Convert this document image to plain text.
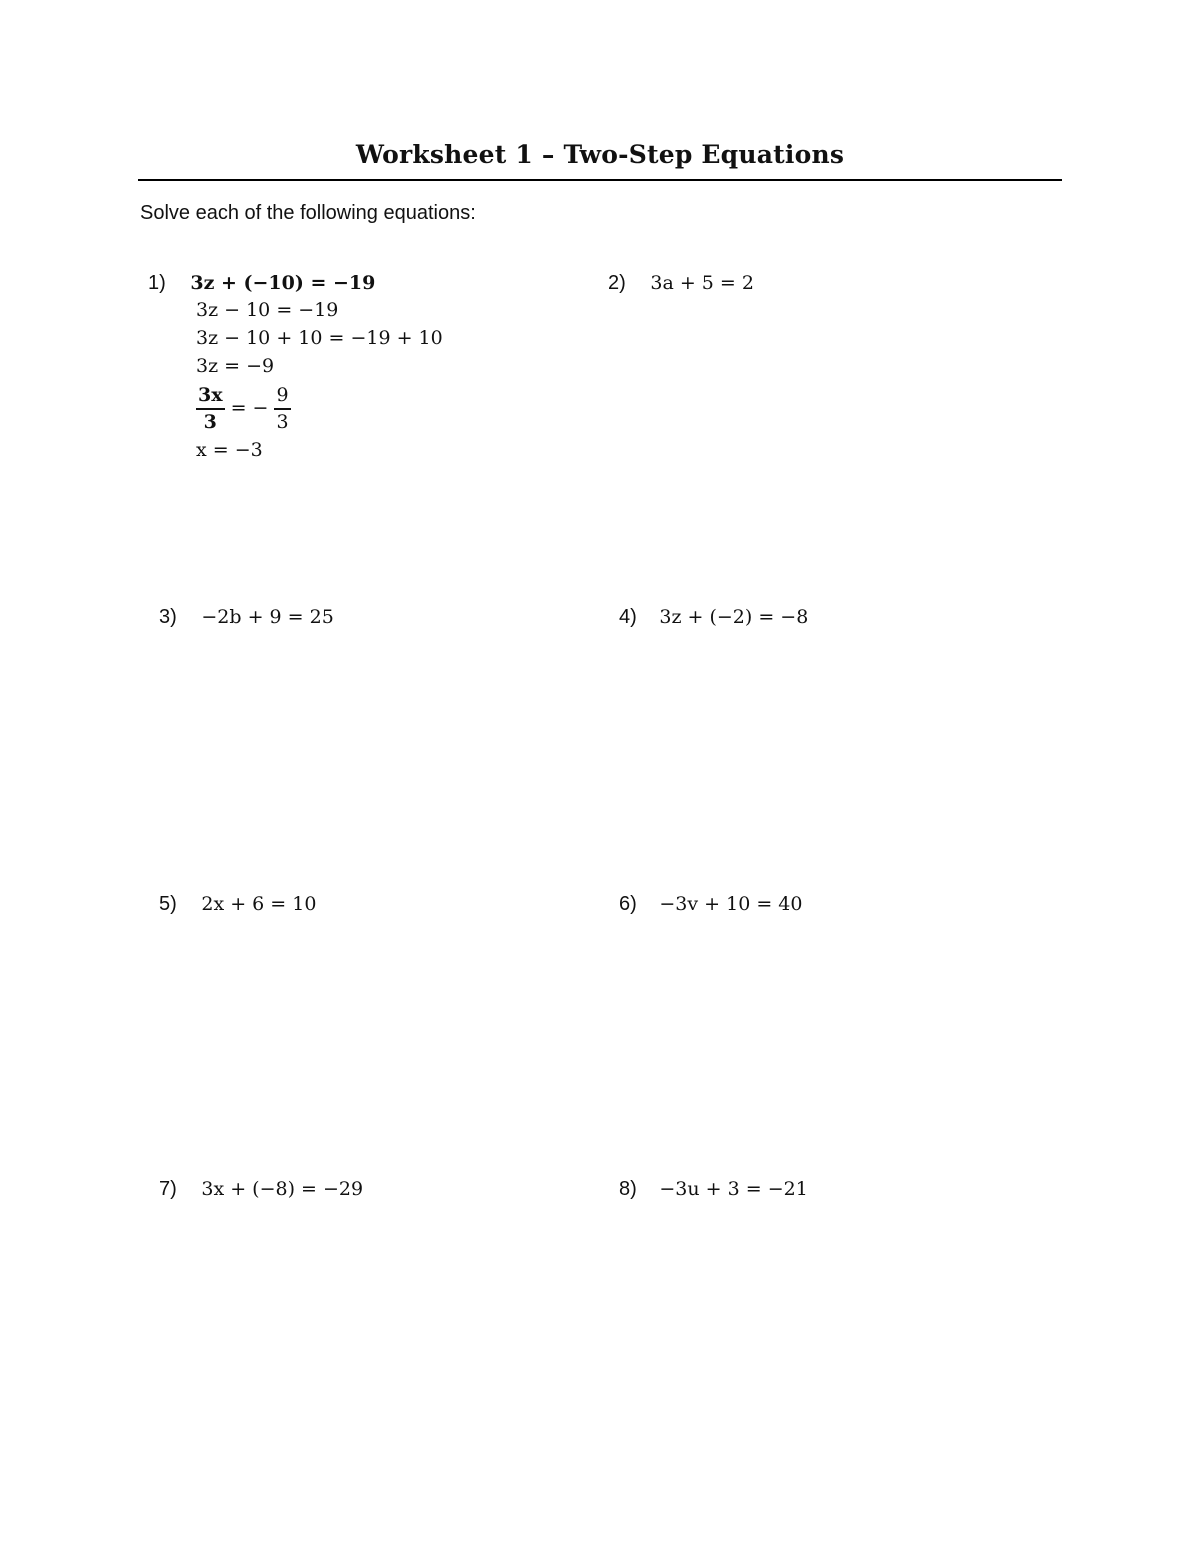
Worksheet 1 – Two-Step Equations

Solve each of the following equations:

1) 3z + (−10) = −19
3z − 10 = −19
3z − 10 + 10 = −19 + 10
3z = −9
$\frac{3x}{3}$ = − $\frac{9}{3}$
x = −3
2) 3a + 5 = 2
3) −2b + 9 = 25	4) 3z + (−2) = −8
5) 2x + 6 = 10	6) −3v + 10 = 40
7) 3x + (−8) = −29	8) −3u + 3 = −21
